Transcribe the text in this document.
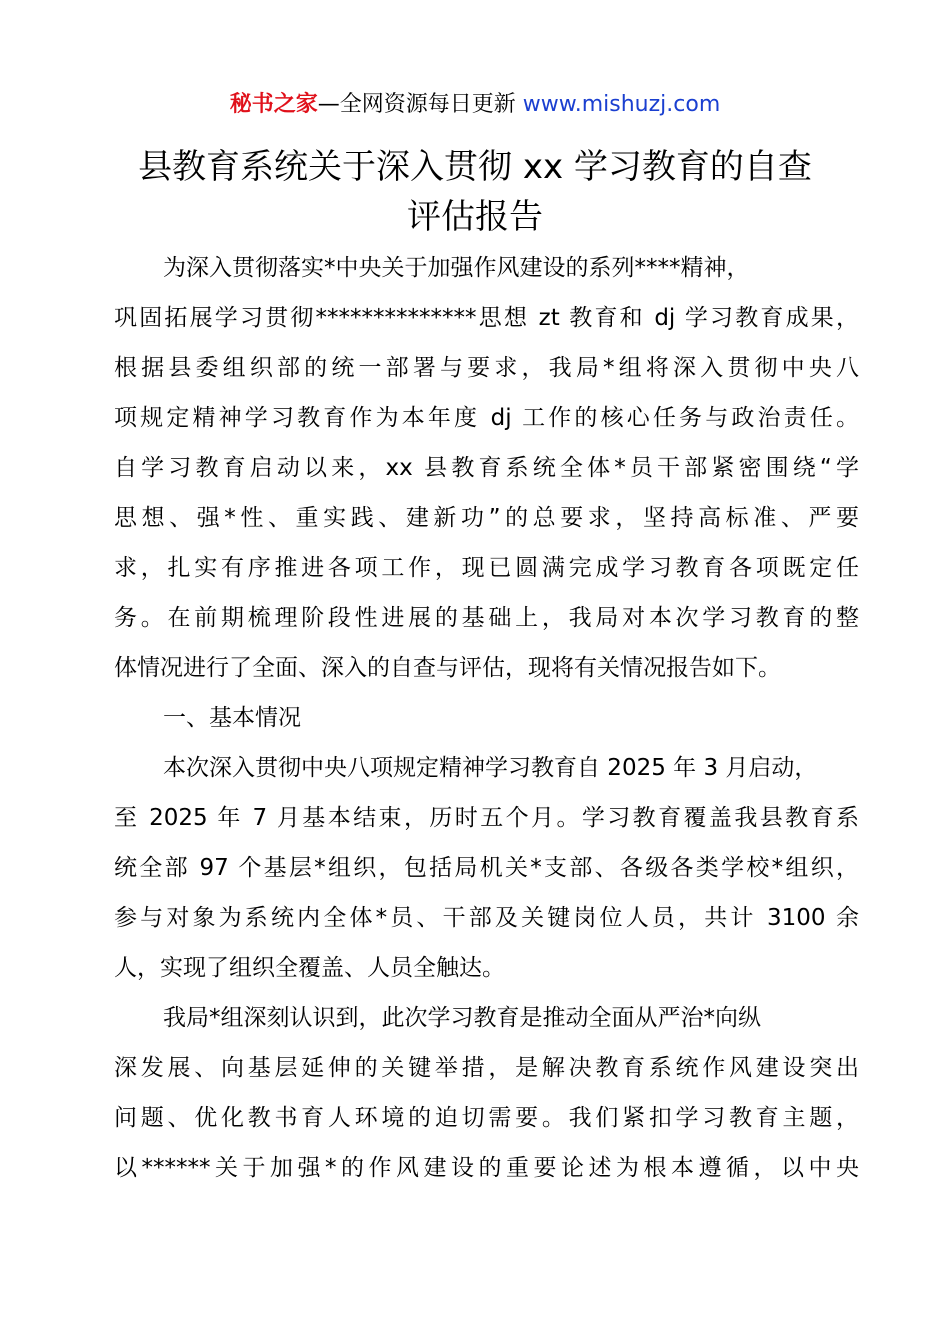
秘书之家—全网资源每日更新 www.mishuzj.com
县教育系统关于深入贯彻 xx 学习教育的自查
评估报告
为深入贯彻落实*中央关于加强作风建设的系列****精神，
巩固拓展学习贯彻**************思想 zt 教育和 dj 学习教育成果，
根据县委组织部的统一部署与要求，我局*组将深入贯彻中央八
项规定精神学习教育作为本年度 dj 工作的核心任务与政治责任。
自学习教育启动以来，xx 县教育系统全体*员干部紧密围绕“学
思想、强*性、重实践、建新功”的总要求，坚持高标准、严要
求，扎实有序推进各项工作，现已圆满完成学习教育各项既定任
务。在前期梳理阶段性进展的基础上，我局对本次学习教育的整
体情况进行了全面、深入的自查与评估，现将有关情况报告如下。
一、基本情况
本次深入贯彻中央八项规定精神学习教育自 2025 年 3 月启动，
至 2025 年 7 月基本结束，历时五个月。学习教育覆盖我县教育系
统全部 97 个基层*组织，包括局机关*支部、各级各类学校*组织，
参与对象为系统内全体*员、干部及关键岗位人员，共计 3100 余
人，实现了组织全覆盖、人员全触达。
我局*组深刻认识到，此次学习教育是推动全面从严治*向纵
深发展、向基层延伸的关键举措，是解决教育系统作风建设突出
问题、优化教书育人环境的迫切需要。我们紧扣学习教育主题，
以******关于加强*的作风建设的重要论述为根本遵循，以中央
